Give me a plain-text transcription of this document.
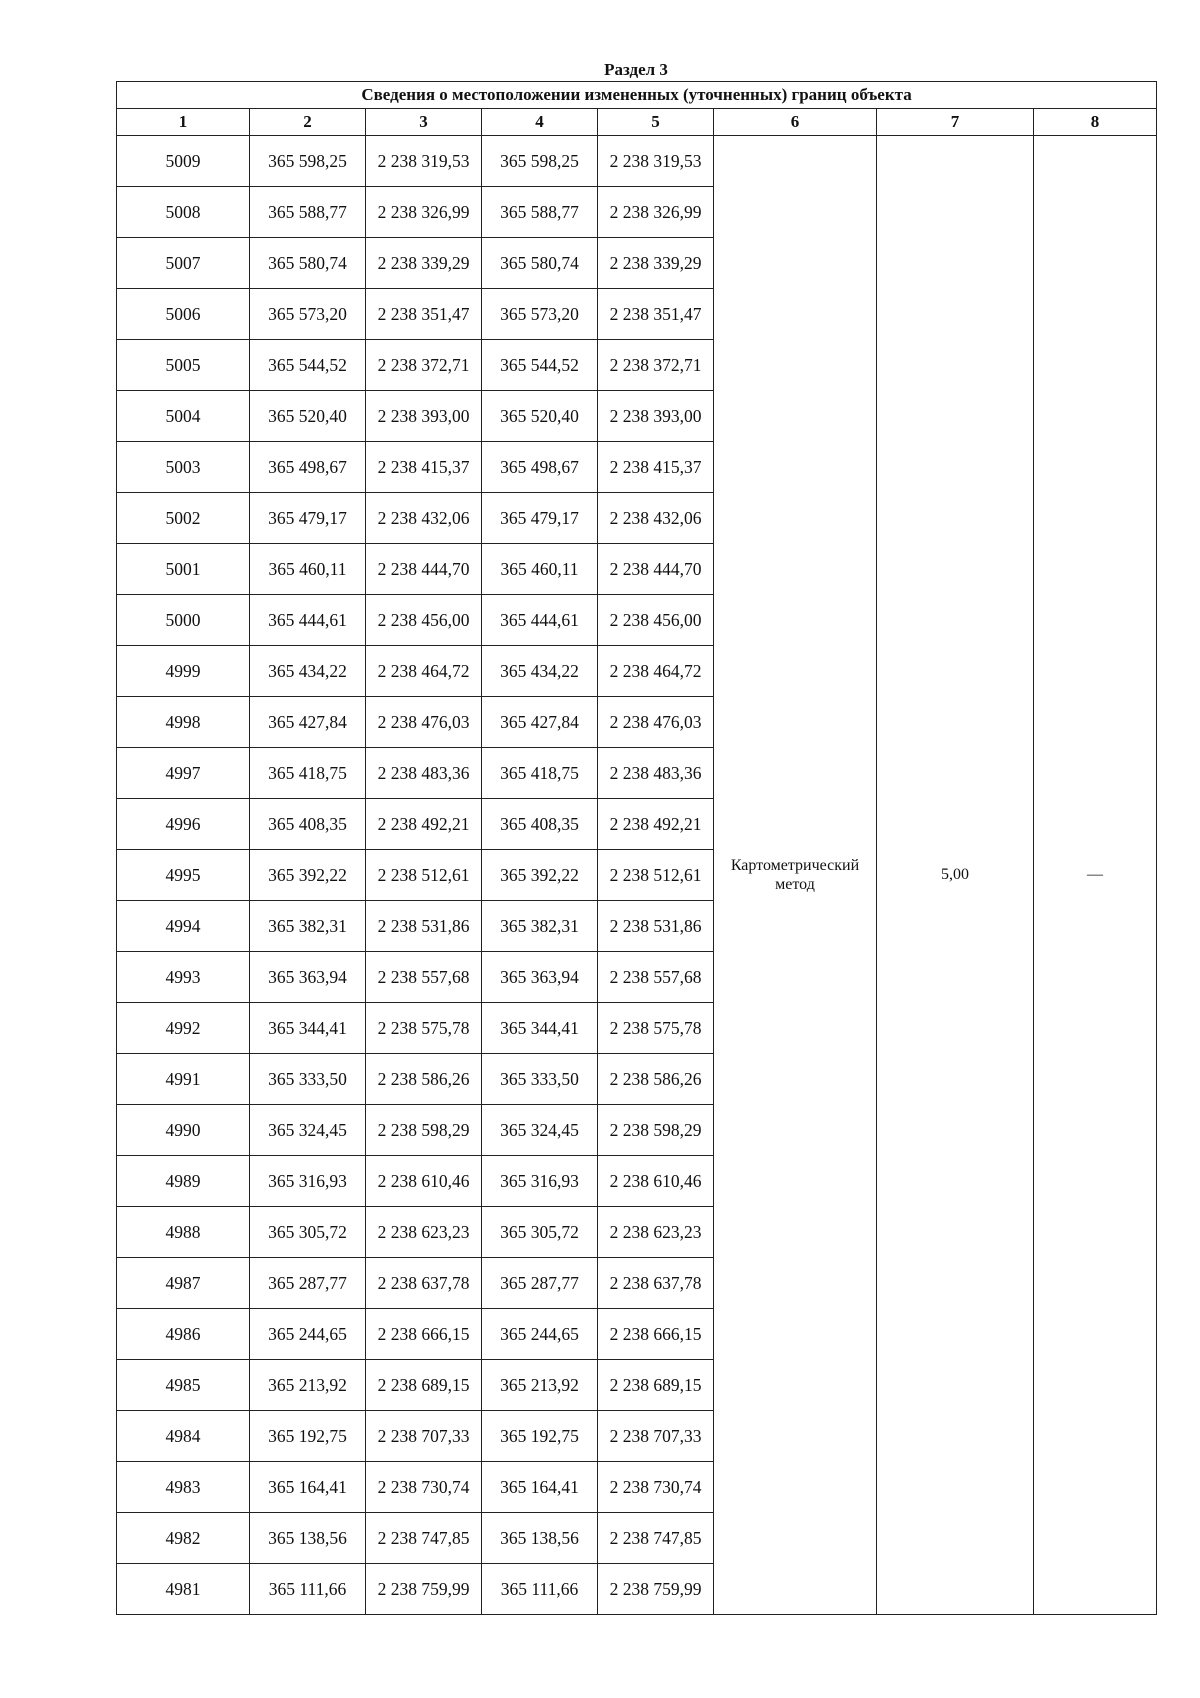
Раздел 3
Сведения о местоположении измененных (уточненных) границ объекта							
1	2	3	4	5	6	7	8
5009	365 598,25	2 238 319,53	365 598,25	2 238 319,53	Картометрический метод	5,00	—
5008	365 588,77	2 238 326,99	365 588,77	2 238 326,99			
5007	365 580,74	2 238 339,29	365 580,74	2 238 339,29			
5006	365 573,20	2 238 351,47	365 573,20	2 238 351,47			
5005	365 544,52	2 238 372,71	365 544,52	2 238 372,71			
5004	365 520,40	2 238 393,00	365 520,40	2 238 393,00			
5003	365 498,67	2 238 415,37	365 498,67	2 238 415,37			
5002	365 479,17	2 238 432,06	365 479,17	2 238 432,06			
5001	365 460,11	2 238 444,70	365 460,11	2 238 444,70			
5000	365 444,61	2 238 456,00	365 444,61	2 238 456,00			
4999	365 434,22	2 238 464,72	365 434,22	2 238 464,72			
4998	365 427,84	2 238 476,03	365 427,84	2 238 476,03			
4997	365 418,75	2 238 483,36	365 418,75	2 238 483,36			
4996	365 408,35	2 238 492,21	365 408,35	2 238 492,21			
4995	365 392,22	2 238 512,61	365 392,22	2 238 512,61			
4994	365 382,31	2 238 531,86	365 382,31	2 238 531,86			
4993	365 363,94	2 238 557,68	365 363,94	2 238 557,68			
4992	365 344,41	2 238 575,78	365 344,41	2 238 575,78			
4991	365 333,50	2 238 586,26	365 333,50	2 238 586,26			
4990	365 324,45	2 238 598,29	365 324,45	2 238 598,29			
4989	365 316,93	2 238 610,46	365 316,93	2 238 610,46			
4988	365 305,72	2 238 623,23	365 305,72	2 238 623,23			
4987	365 287,77	2 238 637,78	365 287,77	2 238 637,78			
4986	365 244,65	2 238 666,15	365 244,65	2 238 666,15			
4985	365 213,92	2 238 689,15	365 213,92	2 238 689,15			
4984	365 192,75	2 238 707,33	365 192,75	2 238 707,33			
4983	365 164,41	2 238 730,74	365 164,41	2 238 730,74			
4982	365 138,56	2 238 747,85	365 138,56	2 238 747,85			
4981	365 111,66	2 238 759,99	365 111,66	2 238 759,99			
